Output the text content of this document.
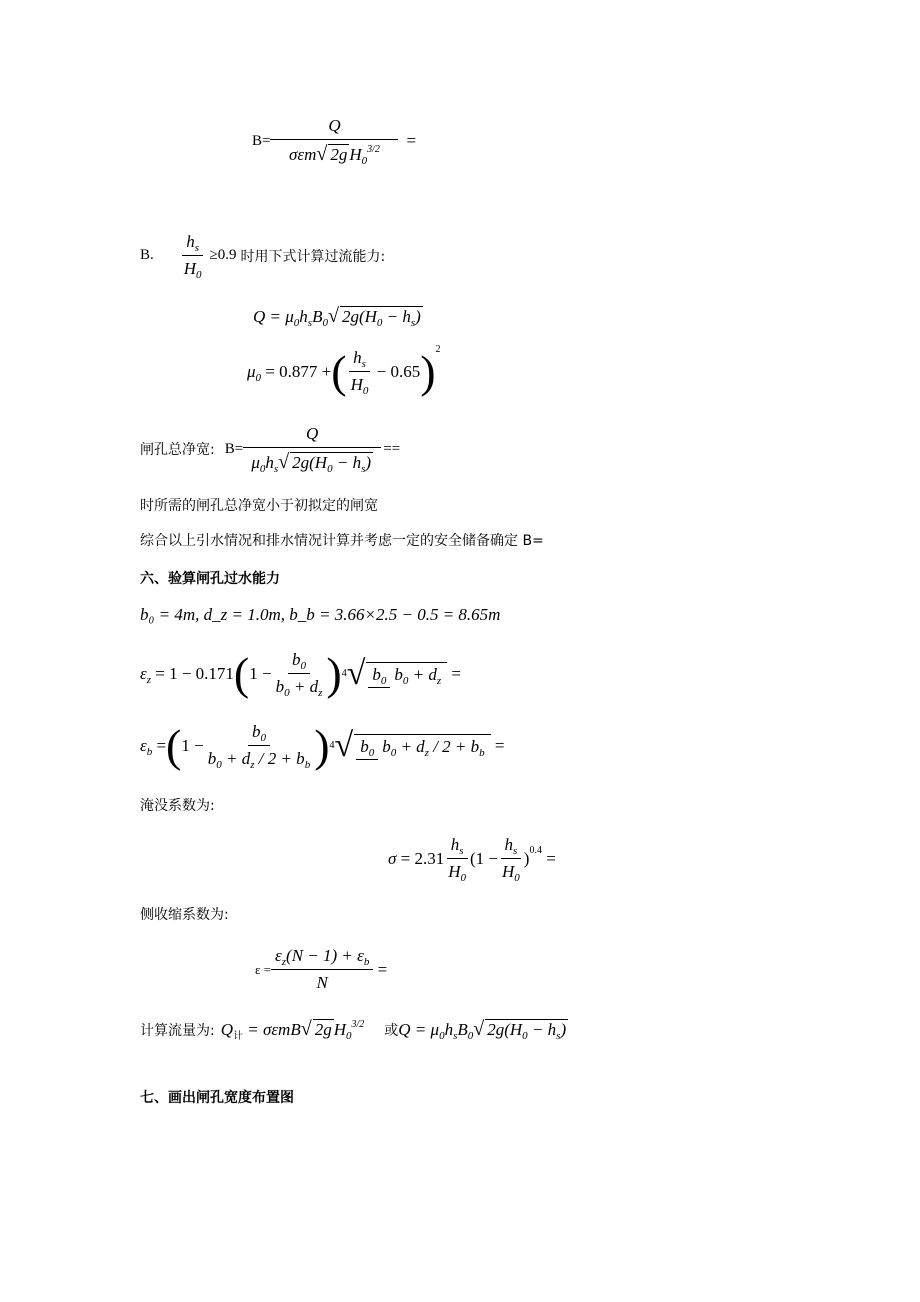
$B= \frac{Q}{\sigma\varepsilon m√ 2g H_0^{3/2}}$ =
B. $\frac{h_s}{H_0} \ge 0.9$ 时用下式计算过流能力:
$Q = \mu_0h_sB_0√$ $2g(H_0 - h_s)$
$\mu_0 = 0.877$ + ( $\frac{h_s}{H_0} - 0.65$ ) 2
闸孔总净宽: $B= \frac{Q}{\mu_0h_s√ 2g(H_0 - h_s)}$ ==
时所需的闸孔总净宽小于初拟定的闸宽
综合以上引水情况和排水情况计算并考虑一定的安全储备确定 B=
六、验算闸孔过水能力
b₀ = 4m, d_z = 1.0m, b_b = 3.66×2.5 − 0.5 = 8.65m
$\varepsilon_z = 1 - 0.171$ ( $1 - \frac{b_0}{b_0 + d_z}$ ) 4 √ $b_0$ $b_0 + d_z$ =
$\varepsilon_b$ = ( $1 - \frac{b_0}{b_0 + d_z / 2 + b_b}$ ) 4 √ $b_0$ $b_0 + d_z / 2 + b_b$ =
淹没系数为:
$\sigma = 2.31 \frac{h_s}{H_0} (1 - \frac{h_s}{H_0}$ ) 0.4 =
侧收缩系数为:
$\varepsilon = \frac{\varepsilon_z(N - 1) + \varepsilon_b}{N}$ =
计算流量为: $Q_计 = \sigma\varepsilon mB√$ 2g $H_0^{3/2}$ 或 $Q = \mu_0h_sB_0√$ $2g(H_0 - h_s)$
七、画出闸孔宽度布置图
